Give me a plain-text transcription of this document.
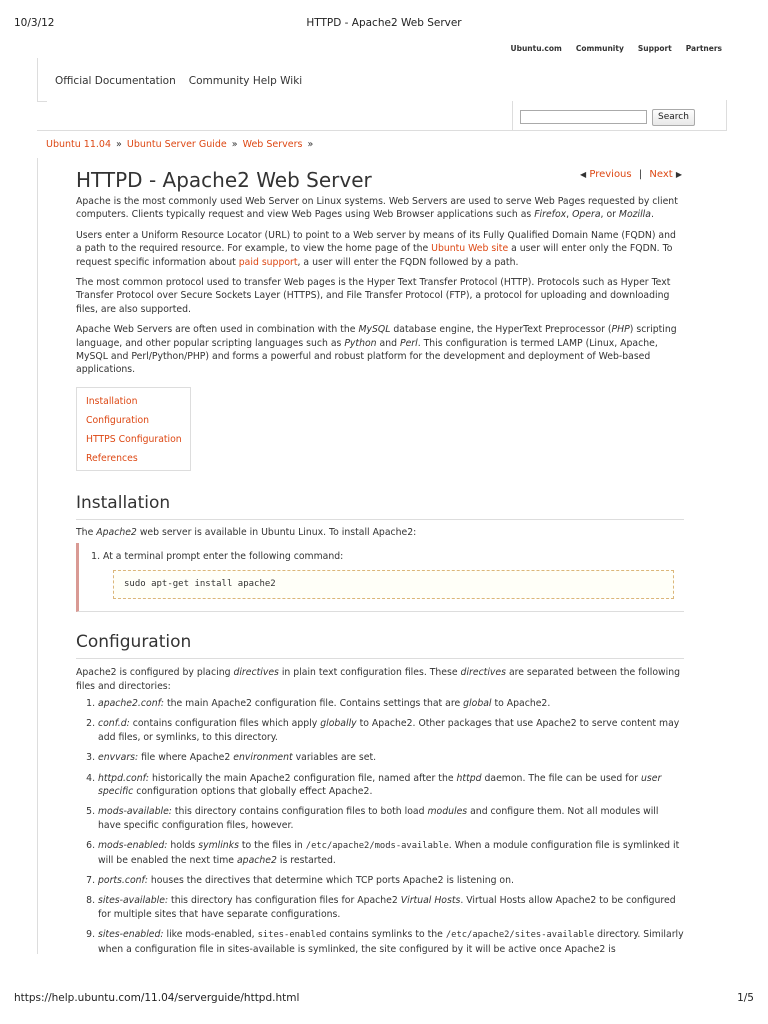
10/3/12	HTTPD - Apache2 Web Server
Ubuntu.com Community Support Partners
Official Documentation Community Help Wiki
Search
Ubuntu 11.04 » Ubuntu Server Guide » Web Servers »
◀ Previous | Next ▶
HTTPD - Apache2 Web Server

Apache is the most commonly used Web Server on Linux systems. Web Servers are used to serve Web Pages requested by client computers. Clients typically request and view Web Pages using Web Browser applications such as Firefox, Opera, or Mozilla.

Users enter a Uniform Resource Locator (URL) to point to a Web server by means of its Fully Qualified Domain Name (FQDN) and a path to the required resource. For example, to view the home page of the Ubuntu Web site a user will enter only the FQDN. To request specific information about paid support, a user will enter the FQDN followed by a path.

The most common protocol used to transfer Web pages is the Hyper Text Transfer Protocol (HTTP). Protocols such as Hyper Text Transfer Protocol over Secure Sockets Layer (HTTPS), and File Transfer Protocol (FTP), a protocol for uploading and downloading files, are also supported.

Apache Web Servers are often used in combination with the MySQL database engine, the HyperText Preprocessor (PHP) scripting language, and other popular scripting languages such as Python and Perl. This configuration is termed LAMP (Linux, Apache, MySQL and Perl/Python/PHP) and forms a powerful and robust platform for the development and deployment of Web-based applications.

Installation
Configuration
HTTPS Configuration
References
Installation

The Apache2 web server is available in Ubuntu Linux. To install Apache2:

1. At a terminal prompt enter the following command:
sudo apt-get install apache2
Configuration

Apache2 is configured by placing directives in plain text configuration files. These directives are separated between the following files and directories:

1. apache2.conf: the main Apache2 configuration file. Contains settings that are global to Apache2.
2. conf.d: contains configuration files which apply globally to Apache2. Other packages that use Apache2 to serve content may add files, or symlinks, to this directory.
3. envvars: file where Apache2 environment variables are set.
4. httpd.conf: historically the main Apache2 configuration file, named after the httpd daemon. The file can be used for user specific configuration options that globally effect Apache2.
5. mods-available: this directory contains configuration files to both load modules and configure them. Not all modules will have specific configuration files, however.
6. mods-enabled: holds symlinks to the files in /etc/apache2/mods-available. When a module configuration file is symlinked it will be enabled the next time apache2 is restarted.
7. ports.conf: houses the directives that determine which TCP ports Apache2 is listening on.
8. sites-available: this directory has configuration files for Apache2 Virtual Hosts. Virtual Hosts allow Apache2 to be configured for multiple sites that have separate configurations.
9. sites-enabled: like mods-enabled, sites-enabled contains symlinks to the /etc/apache2/sites-available directory. Similarly when a configuration file in sites-available is symlinked, the site configured by it will be active once Apache2 is
https://help.ubuntu.com/11.04/serverguide/httpd.html	1/5
